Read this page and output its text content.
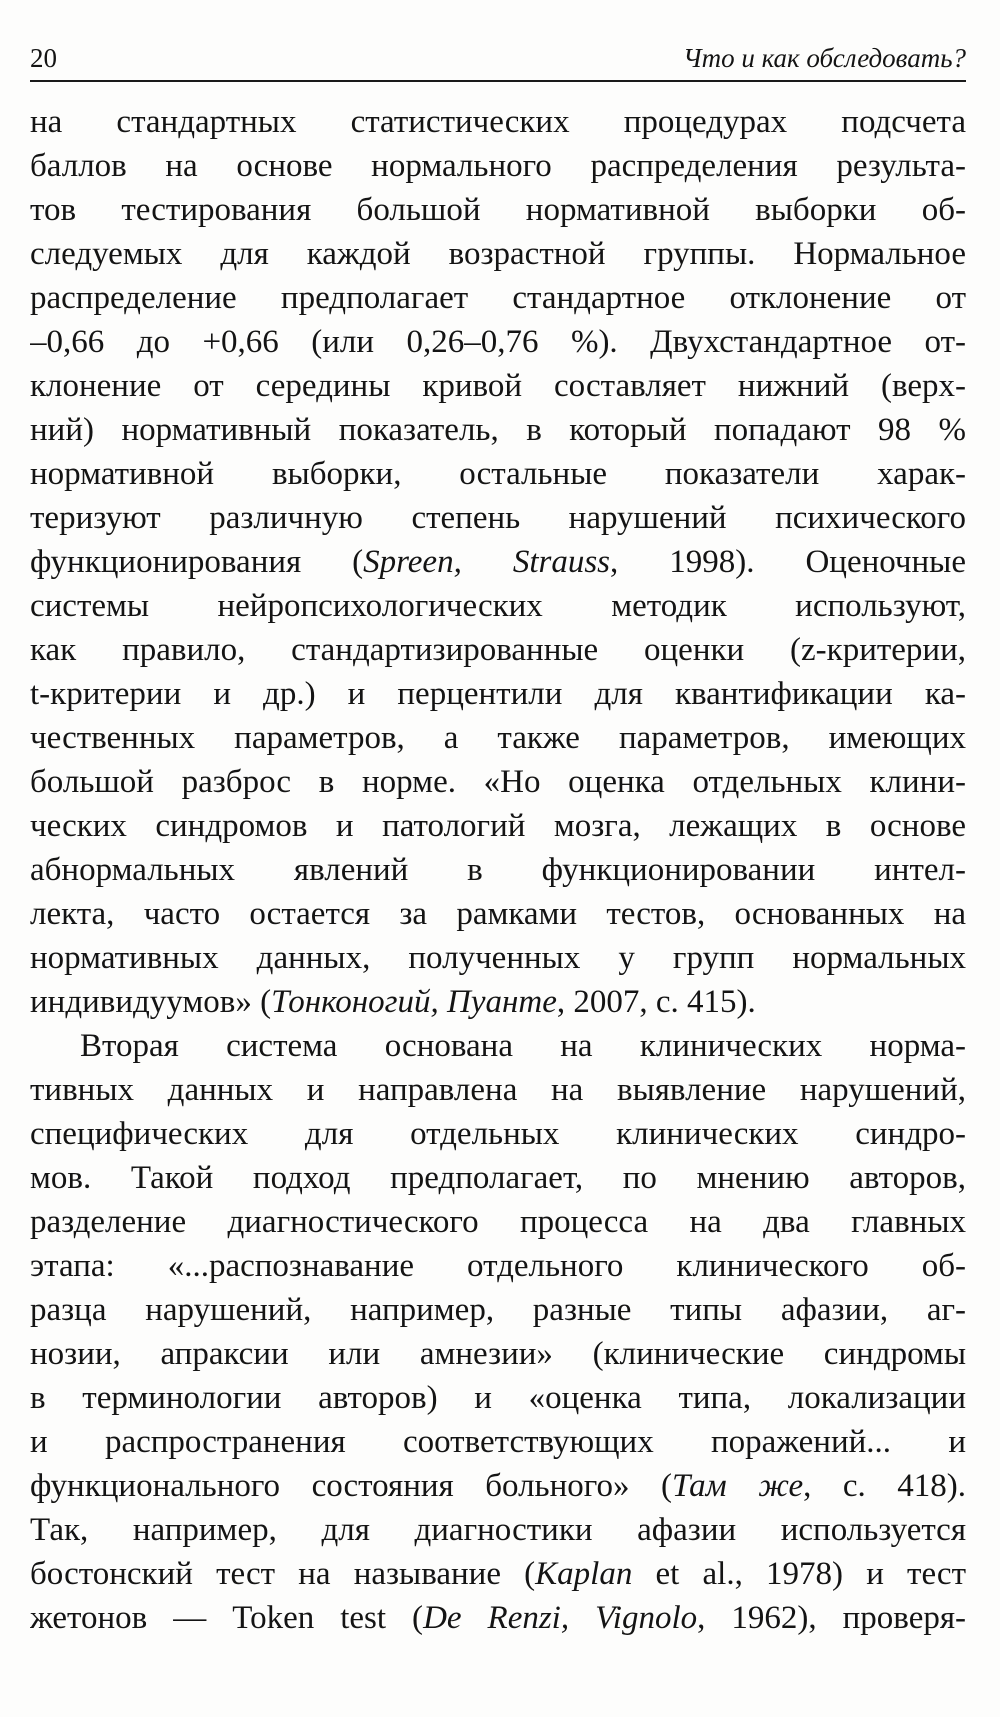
20	Что и как обследовать?
на стандартных статистических процедурах подсчета
баллов на основе нормального распределения результа-
тов тестирования большой нормативной выборки об-
следуемых для каждой возрастной группы. Нормальное
распределение предполагает стандартное отклонение от
–0,66 до +0,66 (или 0,26–0,76 %). Двухстандартное от-
клонение от середины кривой составляет нижний (верх-
ний) нормативный показатель, в который попадают 98 %
нормативной выборки, остальные показатели харак-
теризуют различную степень нарушений психического
функционирования (Spreen, Strauss, 1998). Оценочные
системы нейропсихологических методик используют,
как правило, стандартизированные оценки (z-критерии,
t-критерии и др.) и перцентили для квантификации ка-
чественных параметров, а также параметров, имеющих
большой разброс в норме. «Но оценка отдельных клини-
ческих синдромов и патологий мозга, лежащих в основе
абнормальных явлений в функционировании интел-
лекта, часто остается за рамками тестов, основанных на
нормативных данных, полученных у групп нормальных
индивидуумов» (Тонконогий, Пуанте, 2007, с. 415).
Вторая система основана на клинических норма-
тивных данных и направлена на выявление нарушений,
специфических для отдельных клинических синдро-
мов. Такой подход предполагает, по мнению авторов,
разделение диагностического процесса на два главных
этапа: «...распознавание отдельного клинического об-
разца нарушений, например, разные типы афазии, аг-
нозии, апраксии или амнезии» (клинические синдромы
в терминологии авторов) и «оценка типа, локализации
и распространения соответствующих поражений... и
функционального состояния больного» (Там же, с. 418).
Так, например, для диагностики афазии используется
бостонский тест на называние (Kaplan et al., 1978) и тест
жетонов — Token test (De Renzi, Vignolo, 1962), проверя-
